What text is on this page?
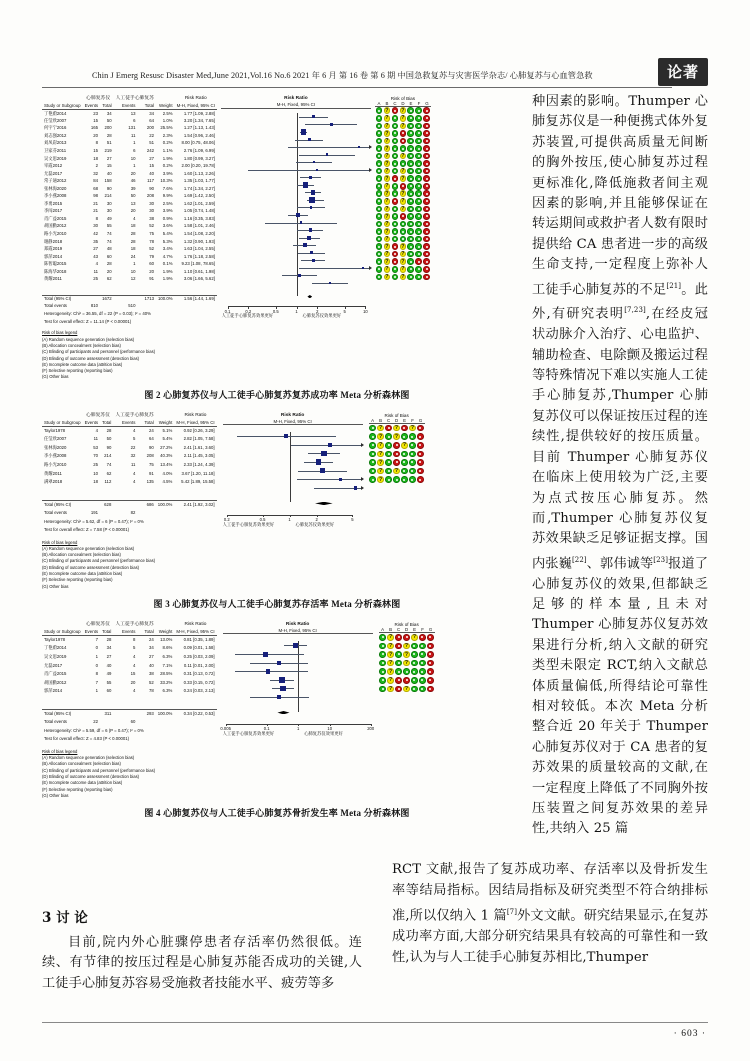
Chin J Emerg Resusc Disaster Med,June 2021,Vol.16 No.6 2021 年 6 月 第 16 卷 第 6 期 中国急救复苏与灾害医学杂志/ 心肺复苏与心血管急救	论著
	心肺复苏仪		人工徒手心肺复苏			Risk Ratio
Study or Subgroup	Events	Total	Events	Total	Weight	M-H, Fixed, 95% CI
丁艳蔚2014	23	34	13	34	2.5%	1.77 [1.09, 2.88]
任莹欣2007	15	50	6	64	1.0%	3.20 [1.34, 7.65]
何宇宁2016	165	200	131	200	25.5%	1.27 [1.13, 1.43]
刘志强2012	20	28	11	22	2.3%	1.54 [0.96, 2.46]
刘凤彩2013	8	51	1	51	0.2%	8.00 [0.75, 48.06]
卫家芬2011	15	219	6	242	1.1%	2.76 [1.09, 6.99]
吴文思2019	18	27	10	27	1.9%	1.80 [0.99, 3.27]
宰霞2012	2	15	1	15	0.2%	2.00 [0.20, 19.78]
尤磊2017	32	40	20	40	3.9%	1.60 [1.13, 2.26]
常子通2012	84	158	46	117	10.3%	1.35 [1.03, 1.77]
张林海2020	68	90	39	90	7.6%	1.74 [1.34, 2.27]
李小燕2008	98	214	50	208	9.9%	1.69 [1.42, 2.50]
李勇2015	21	30	13	30	2.5%	1.62 [1.01, 2.59]
李闯2017	21	30	20	30	3.9%	1.05 [0.74, 1.48]
肖广益2015	8	49	4	38	0.9%	1.16 [0.35, 3.83]
胡国勤2012	30	55	18	52	3.6%	1.58 [1.01, 2.46]
路小光2010	42	74	28	75	5.4%	1.54 [1.08, 2.20]
谢静2018	35	74	28	78	5.3%	1.32 [0.90, 1.93]
郑霞2019	27	48	18	52	3.4%	1.63 [1.04, 2.55]
郭萍2014	43	60	24	79	4.7%	1.76 [1.18, 2.58]
陈智聪2015	4	28	1	60	0.1%	9.23 [1.08, 78.65]
陈海华2018	11	20	10	20	1.9%	1.10 [0.61, 1.98]
黄耀2011	25	62	12	91	1.9%	3.06 [1.66, 5.62]

Total (95% CI)		1672		1713	100.0%	1.56 [1.44, 1.69]
Total events	810		510			
Heterogeneity: Chi² = 36.55, df = 22 (P = 0.03); I² = 40%						
Test for overall effect: Z = 11.14 (P < 0.00001)						
Risk Ratio
M-H, Fixed, 95% CI
0.1	0.2	0.5	1	2	5	10
人工徒手心肺复苏效果更好	心肺复苏仪效果更好
Risk of Bias
A	B	C	D	E	F	G
?
?
?
?
?
?
?
?
?
?
?
?
?
?
?
?
?
?
?
?
?
?
?
?
?
?
?
?
?
?
?
?
?
?
?
?
?
Risk of bias legend
(A) Random sequence generation (selection bias)
(B) Allocation concealment (selection bias)
(C) Blinding of participants and personnel (performance bias)
(D) Blinding of outcome assessment (detection bias)
(E) Incomplete outcome data (attrition bias)
(F) Selective reporting (reporting bias)
(G) Other bias
图 2 心肺复苏仪与人工徒手心肺复苏复苏成功率 Meta 分析森林图
	心肺复苏仪		人工徒手心肺复苏			Risk Ratio
Study or Subgroup	Events	Total	Events	Total	Weight	M-H, Fixed, 95% CI
Taylor1978	4	28	4	24	5.1%	0.92 [0.26, 3.29]
任莹欣2007	11	50	5	64	5.4%	2.82 [1.05, 7.58]
张林海2020	53	90	22	90	27.2%	2.41 [1.61, 3.60]
李小燕2008	70	214	32	208	40.3%	2.11 [1.45, 3.05]
路小光2010	25	74	11	75	13.4%	2.33 [1.24, 4.39]
黄耀2011	10	62	4	91	4.0%	3.67 [1.20, 11.18]
满翠2018	18	112	4	135	4.5%	5.42 [1.89, 15.58]

Total (95% CI)		628		686	100.0%	2.41 [1.92, 3.02]
Total events	191		82			
Heterogeneity: Chi² = 5.62, df = 6 (P = 0.47); I² = 0%						
Test for overall effect: Z = 7.58 (P < 0.00001)						
Risk Ratio
M-H, Fixed, 95% CI
0.2	0.5	1	2	5
人工徒手心肺复苏效果更好	心肺复苏仪效果更好
Risk of Bias
A	B	C	D	E	F	G
?
?
?
?
?
?
?
?
?
?
?
?
Risk of bias legend
(A) Random sequence generation (selection bias)
(B) Allocation concealment (selection bias)
(C) Blinding of participants and personnel (performance bias)
(D) Blinding of outcome assessment (detection bias)
(E) Incomplete outcome data (attrition bias)
(F) Selective reporting (reporting bias)
(G) Other bias
图 3 心肺复苏仪与人工徒手心肺复苏存活率 Meta 分析森林图
	心肺复苏仪		人工徒手心肺复苏			Risk Ratio
Study or Subgroup	Events	Total	Events	Total	Weight	M-H, Fixed, 95% CI
Taylor1978	7	28	8	24	13.0%	0.81 [0.35, 1.89]
丁艳蔚2014	0	34	5	34	8.6%	0.09 [0.01, 1.58]
吴文思2019	1	27	4	27	6.3%	0.25 [0.03, 2.09]
尤磊2017	0	40	4	40	7.1%	0.11 [0.01, 2.00]
肖广益2015	8	49	15	38	28.5%	0.31 [0.13, 0.72]
胡国勤2012	7	55	20	52	33.2%	0.33 [0.15, 0.72]
郭萍2014	1	60	4	78	6.3%	0.24 [0.03, 2.13]

Total (95% CI)		311		293	100.0%	0.34 [0.22, 0.53]
Total events	22		60			
Heterogeneity: Chi² = 5.59, df = 6 (P = 0.47); I² = 0%						
Test for overall effect: Z = 4.83 (P < 0.00001)						
Risk Ratio
M-H, Fixed, 95% CI
0.005	0.1	1	10	200
人工徒手心肺复苏效果更好	心肺复苏仪效果更好
Risk of Bias
A	B	C	D	E	F	G
?
?
?
?
?
?
?
?
?
?
?
?
Risk of bias legend
(A) Random sequence generation (selection bias)
(B) Allocation concealment (selection bias)
(C) Blinding of participants and personnel (performance bias)
(D) Blinding of outcome assessment (detection bias)
(E) Incomplete outcome data (attrition bias)
(F) Selective reporting (reporting bias)
(G) Other bias
图 4 心肺复苏仪与人工徒手心肺复苏骨折发生率 Meta 分析森林图

种因素的影响。Thumper 心肺复苏仪是一种便携式体外复苏装置,可提供高质量无间断的胸外按压,使心肺复苏过程更标准化,降低施救者间主观因素的影响,并且能够保证在转运期间或救护者人数有限时提供给 CA 患者进一步的高级生命支持,一定程度上弥补人工徒手心肺复苏的不足[21]。此外,有研究表明[7,23],在经皮冠状动脉介入治疗、心电监护、辅助检查、电除颤及搬运过程等特殊情况下难以实施人工徒手心肺复苏,Thumper 心肺复苏仪可以保证按压过程的连续性,提供较好的按压质量。目前 Thumper 心肺复苏仪在临床上使用较为广泛,主要为点式按压心肺复苏。然而,Thumper 心肺复苏仪复苏效果缺乏足够证据支撑。国内张巍[22]、郭伟诚等[23]报道了心肺复苏仪的效果,但都缺乏足够的样本量,且未对 Thumper 心肺复苏仪复苏效果进行分析,纳入文献的研究类型未限定 RCT,纳入文献总体质量偏低,所得结论可靠性相对较低。本次 Meta 分析整合近 20 年关于 Thumper 心肺复苏仪对于 CA 患者的复苏效果的质量较高的文献,在一定程度上降低了不同胸外按压装置之间复苏效果的差异性,共纳入 25 篇

3 讨 论

目前,院内外心脏骤停患者存活率仍然很低。连续、有节律的按压过程是心肺复苏能否成功的关键,人工徒手心肺复苏容易受施救者技能水平、疲劳等多

RCT 文献,报告了复苏成功率、存活率以及骨折发生率等结局指标。因结局指标及研究类型不符合纳排标准,所以仅纳入 1 篇[7]外文文献。研究结果显示,在复苏成功率方面,大部分研究结果具有较高的可靠性和一致性,认为与人工徒手心肺复苏相比,Thumper

· 603 ·
